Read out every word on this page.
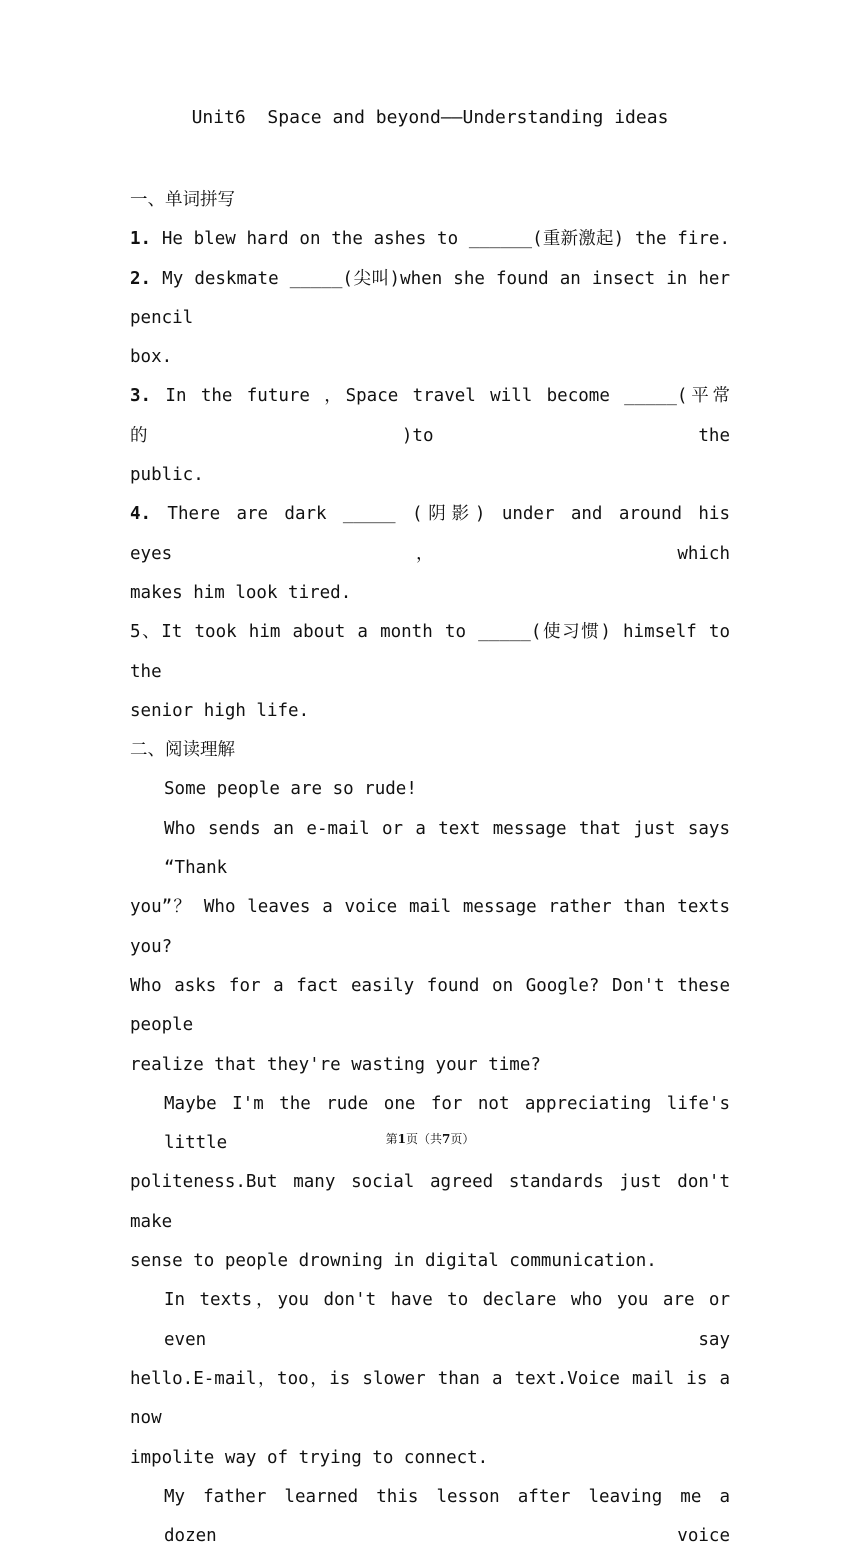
Unit6  Space and beyond——Understanding ideas
一、单词拼写
1. He blew hard on the ashes to ______(重新激起) the fire.
2. My deskmate _____(尖叫)when she found an insect in her pencil
box.
3. In the future ，Space travel will become _____(平常的)to the
public.
4. There are dark _____ (阴影) under and around his eyes，which
makes him look tired.
5、It took him about a month to _____(使习惯) himself to the
senior high life.
二、阅读理解
Some people are so rude!
Who sends an e-mail or a text message that just says “Thank
you”？ Who leaves a voice mail message rather than texts you?
Who asks for a fact easily found on Google? Don't these people
realize that they're wasting your time?
Maybe I'm the rude one for not appreciating life's little
politeness.But many social agreed standards just don't make
sense to people drowning in digital communication.
In texts，you don't have to declare who you are or even say
hello.E-mail，too，is slower than a text.Voice mail is a now
impolite way of trying to connect.
My father learned this lesson after leaving me a dozen voice
第1页（共7页）
